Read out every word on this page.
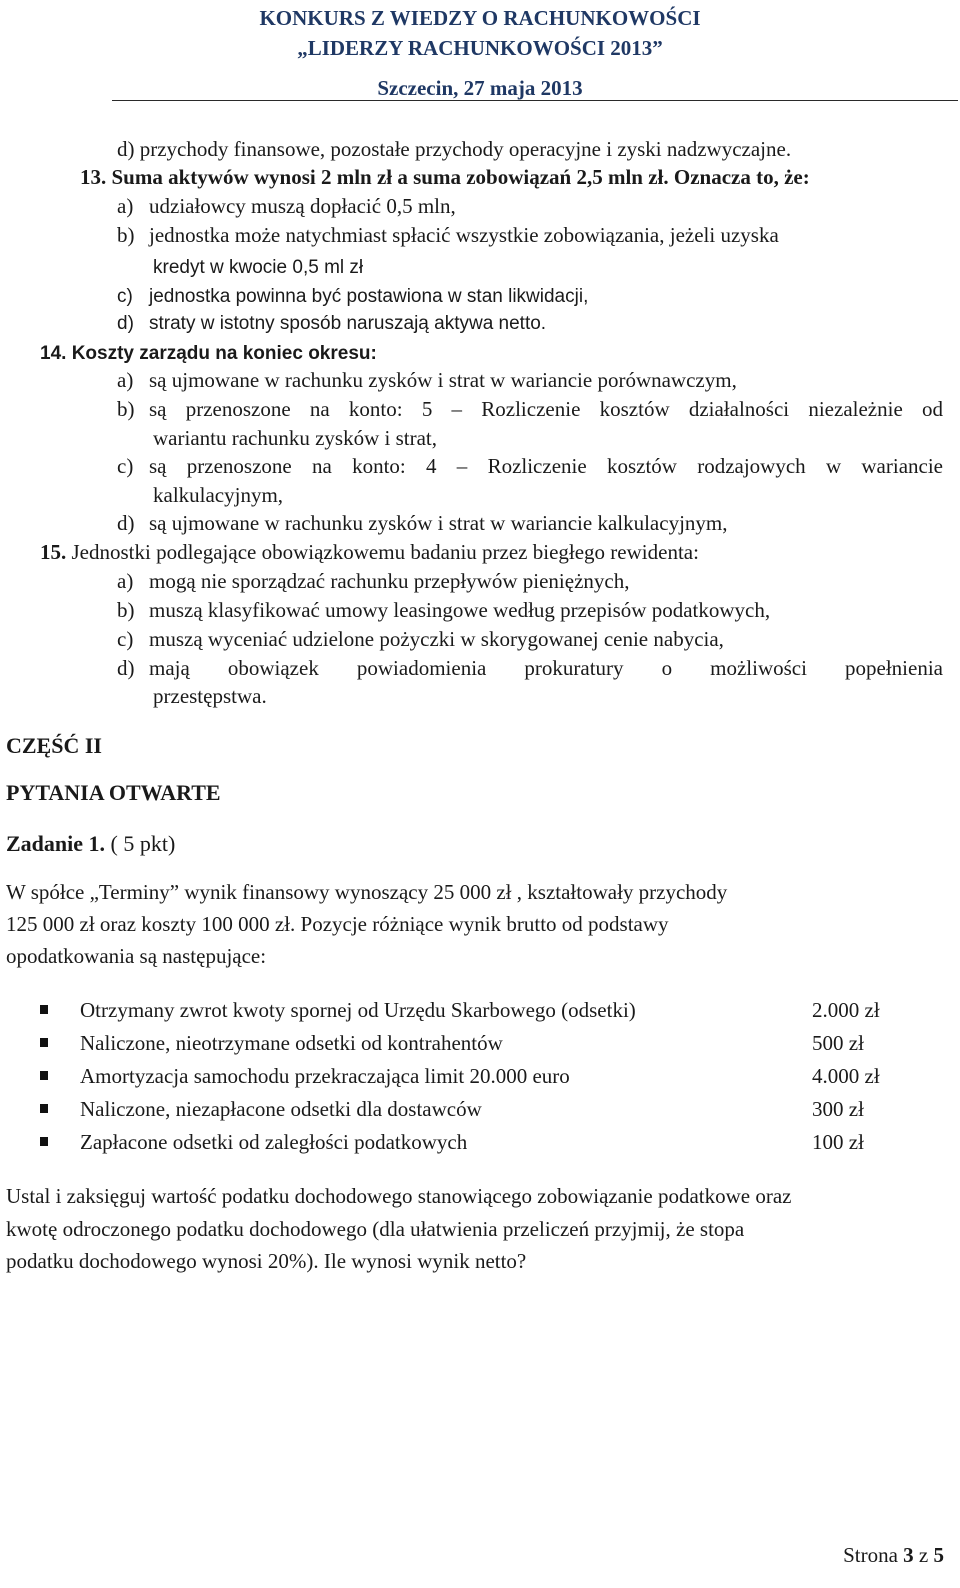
KONKURS Z WIEDZY O RACHUNKOWOŚCI
„LIDERZY RACHUNKOWOŚCI 2013”
Szczecin, 27 maja 2013
d) przychody finansowe, pozostałe przychody operacyjne i zyski nadzwyczajne.
13. Suma aktywów wynosi 2 mln zł a suma zobowiązań 2,5 mln zł. Oznacza to, że:
a) udziałowcy muszą dopłacić 0,5 mln,
b) jednostka może natychmiast spłacić wszystkie zobowiązania, jeżeli uzyska
kredyt w kwocie 0,5 ml zł
c) jednostka powinna być postawiona w stan likwidacji,
d) straty w istotny sposób naruszają aktywa netto.
14. Koszty zarządu na koniec okresu:
a) są ujmowane w rachunku zysków i strat w wariancie porównawczym,
b) są przenoszone na konto: 5 – Rozliczenie kosztów działalności niezależnie od
wariantu rachunku zysków i strat,
c) są przenoszone na konto: 4 – Rozliczenie kosztów rodzajowych w wariancie
kalkulacyjnym,
d) są ujmowane w rachunku zysków i strat w wariancie kalkulacyjnym,
15. Jednostki podlegające obowiązkowemu badaniu przez biegłego rewidenta:
a) mogą nie sporządzać rachunku przepływów pieniężnych,
b) muszą klasyfikować umowy leasingowe według przepisów podatkowych,
c) muszą wyceniać udzielone pożyczki w skorygowanej cenie nabycia,
d) mają obowiązek powiadomienia prokuratury o możliwości popełnienia
przestępstwa.
CZĘŚĆ II
PYTANIA OTWARTE
Zadanie 1. ( 5 pkt)
W spółce „Terminy” wynik finansowy wynoszący 25 000 zł , kształtowały przychody
125 000 zł oraz koszty 100 000 zł. Pozycje różniące wynik brutto od podstawy
opodatkowania są następujące:
Otrzymany zwrot kwoty spornej od Urzędu Skarbowego (odsetki)	2.000 zł
Naliczone, nieotrzymane odsetki od kontrahentów	500 zł
Amortyzacja samochodu przekraczająca limit 20.000 euro	4.000 zł
Naliczone, niezapłacone odsetki dla dostawców	300 zł
Zapłacone odsetki od zaległości podatkowych	100 zł
Ustal i zaksięguj wartość podatku dochodowego stanowiącego zobowiązanie podatkowe oraz
kwotę odroczonego podatku dochodowego (dla ułatwienia przeliczeń przyjmij, że stopa
podatku dochodowego wynosi 20%). Ile wynosi wynik netto?
Strona 3 z 5
